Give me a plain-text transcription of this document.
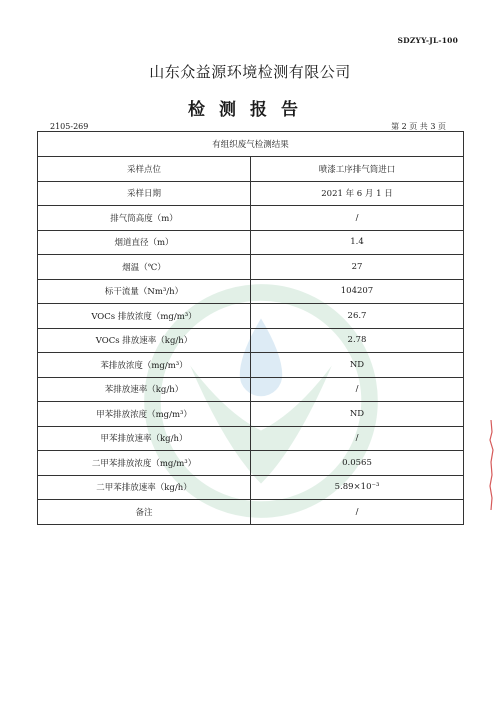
SDZYY-JL-100
山东众益源环境检测有限公司
检测报告
2105-269	第 2 页 共 3 页
有组织废气检测结果	
采样点位	喷漆工序排气筒进口
采样日期	2021 年 6 月 1 日
排气筒高度（m）	/
烟道直径（m）	1.4
烟温（℃）	27
标干流量（Nm³/h）	104207
VOCs 排放浓度（mg/m³）	26.7
VOCs 排放速率（kg/h）	2.78
苯排放浓度（mg/m³）	ND
苯排放速率（kg/h）	/
甲苯排放浓度（mg/m³）	ND
甲苯排放速率（kg/h）	/
二甲苯排放浓度（mg/m³）	0.0565
二甲苯排放速率（kg/h）	5.89×10⁻³
备注	/
